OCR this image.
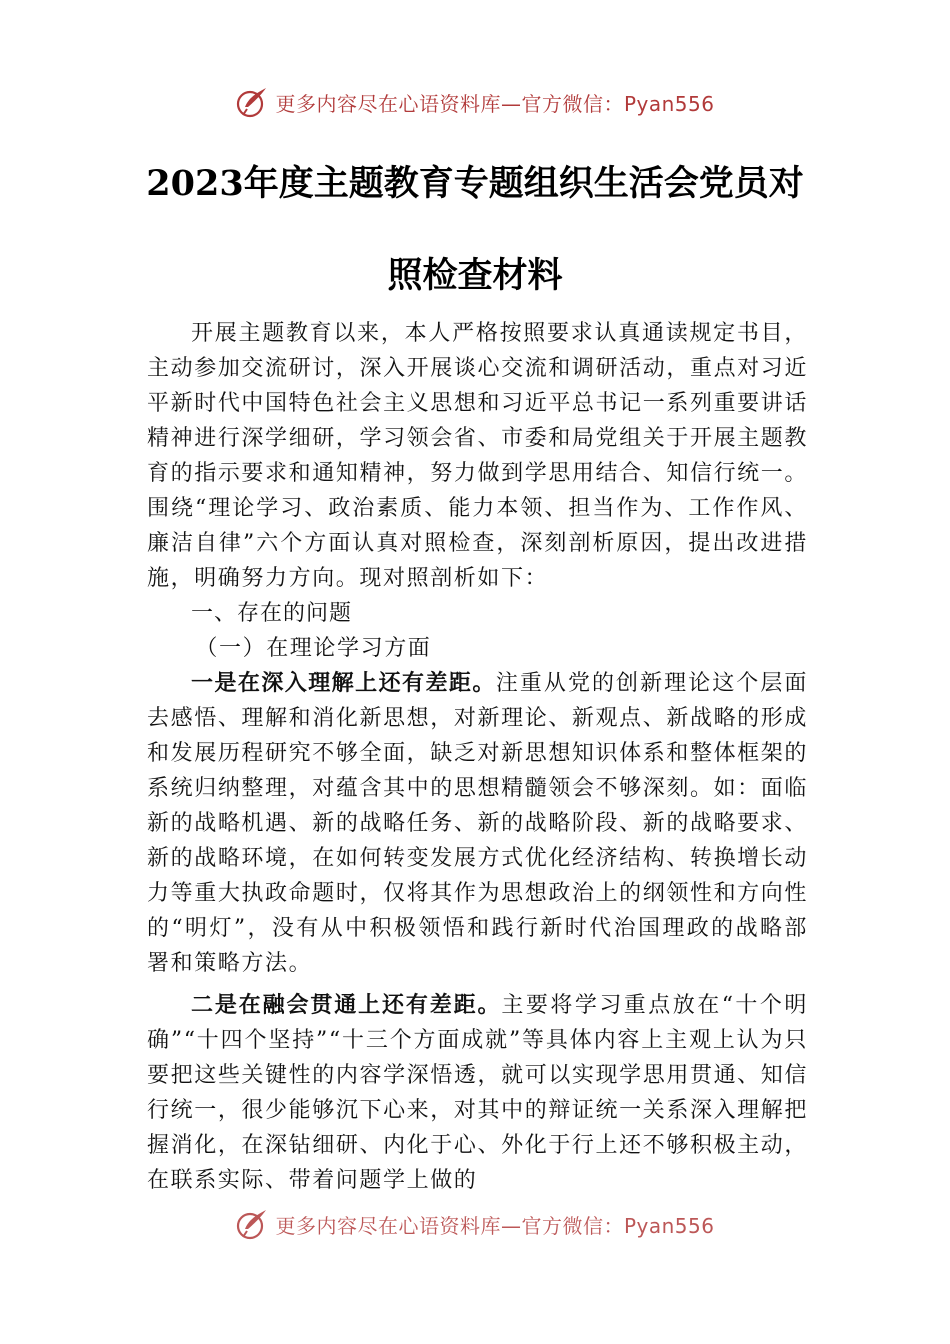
更多内容尽在心语资料库—官方微信：Pyan556
2023年度主题教育专题组织生活会党员对
照检查材料

开展主题教育以来，本人严格按照要求认真通读规定书目，主动参加交流研讨，深入开展谈心交流和调研活动，重点对习近平新时代中国特色社会主义思想和习近平总书记一系列重要讲话精神进行深学细研，学习领会省、市委和局党组关于开展主题教育的指示要求和通知精神，努力做到学思用结合、知信行统一。围绕“理论学习、政治素质、能力本领、担当作为、工作作风、廉洁自律”六个方面认真对照检查，深刻剖析原因，提出改进措施，明确努力方向。现对照剖析如下：

一、存在的问题

（一）在理论学习方面

一是在深入理解上还有差距。注重从党的创新理论这个层面去感悟、理解和消化新思想，对新理论、新观点、新战略的形成和发展历程研究不够全面，缺乏对新思想知识体系和整体框架的系统归纳整理，对蕴含其中的思想精髓领会不够深刻。如：面临新的战略机遇、新的战略任务、新的战略阶段、新的战略要求、新的战略环境，在如何转变发展方式优化经济结构、转换增长动力等重大执政命题时，仅将其作为思想政治上的纲领性和方向性的“明灯”，没有从中积极领悟和践行新时代治国理政的战略部署和策略方法。

二是在融会贯通上还有差距。主要将学习重点放在“十个明确”“十四个坚持”“十三个方面成就”等具体内容上主观上认为只要把这些关键性的内容学深悟透，就可以实现学思用贯通、知信行统一，很少能够沉下心来，对其中的辩证统一关系深入理解把握消化，在深钻细研、内化于心、外化于行上还不够积极主动，在联系实际、带着问题学上做的

更多内容尽在心语资料库—官方微信：Pyan556
